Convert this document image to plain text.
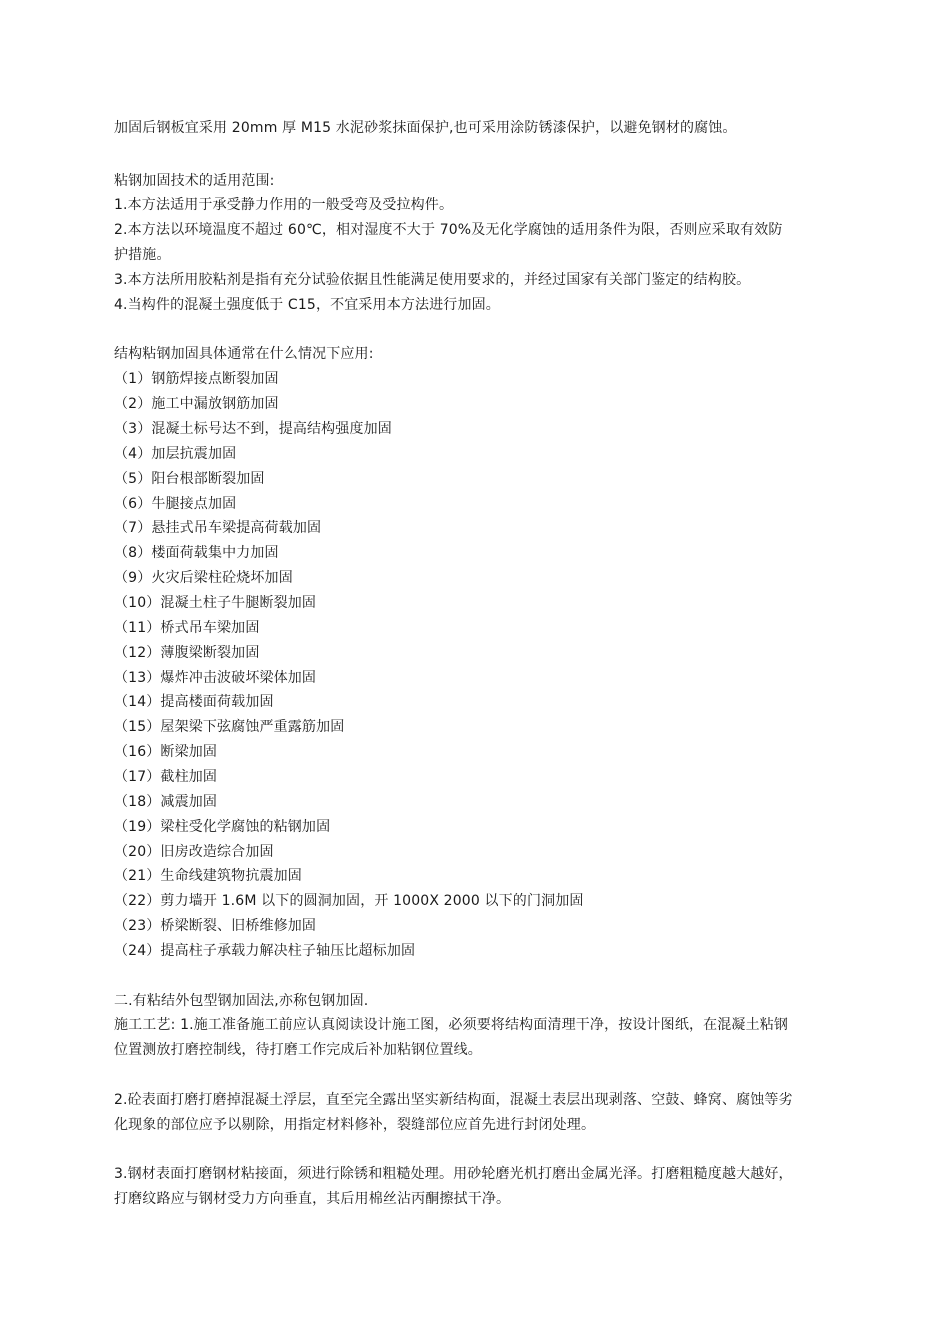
加固后钢板宜采用 20mm 厚 M15 水泥砂浆抹面保护,也可采用涂防锈漆保护，以避免钢材的腐蚀。
粘钢加固技术的适用范围:
1.本方法适用于承受静力作用的一般受弯及受拉构件。
2.本方法以环境温度不超过 60℃，相对湿度不大于 70%及无化学腐蚀的适用条件为限，否则应采取有效防
护措施。
3.本方法所用胶粘剂是指有充分试验依据且性能满足使用要求的，并经过国家有关部门鉴定的结构胶。
4.当构件的混凝土强度低于 C15，不宜采用本方法进行加固。
结构粘钢加固具体通常在什么情况下应用:
（1）钢筋焊接点断裂加固
（2）施工中漏放钢筋加固
（3）混凝土标号达不到，提高结构强度加固
（4）加层抗震加固
（5）阳台根部断裂加固
（6）牛腿接点加固
（7）悬挂式吊车梁提高荷载加固
（8）楼面荷载集中力加固
（9）火灾后梁柱砼烧坏加固
（10）混凝土柱子牛腿断裂加固
（11）桥式吊车梁加固
（12）薄腹梁断裂加固
（13）爆炸冲击波破坏梁体加固
（14）提高楼面荷载加固
（15）屋架梁下弦腐蚀严重露筋加固
（16）断梁加固
（17）截柱加固
（18）减震加固
（19）梁柱受化学腐蚀的粘钢加固
（20）旧房改造综合加固
（21）生命线建筑物抗震加固
（22）剪力墙开 1.6M 以下的圆洞加固，开 1000X 2000 以下的门洞加固
（23）桥梁断裂、旧桥维修加固
（24）提高柱子承载力解决柱子轴压比超标加固
二.有粘结外包型钢加固法,亦称包钢加固.
施工工艺: 1.施工准备施工前应认真阅读设计施工图，必须要将结构面清理干净，按设计图纸，在混凝土粘钢
位置测放打磨控制线，待打磨工作完成后补加粘钢位置线。
2.砼表面打磨打磨掉混凝土浮层，直至完全露出坚实新结构面，混凝土表层出现剥落、空鼓、蜂窝、腐蚀等劣
化现象的部位应予以剔除，用指定材料修补，裂缝部位应首先进行封闭处理。
3.钢材表面打磨钢材粘接面，须进行除锈和粗糙处理。用砂轮磨光机打磨出金属光泽。打磨粗糙度越大越好，
打磨纹路应与钢材受力方向垂直，其后用棉丝沾丙酮擦拭干净。
